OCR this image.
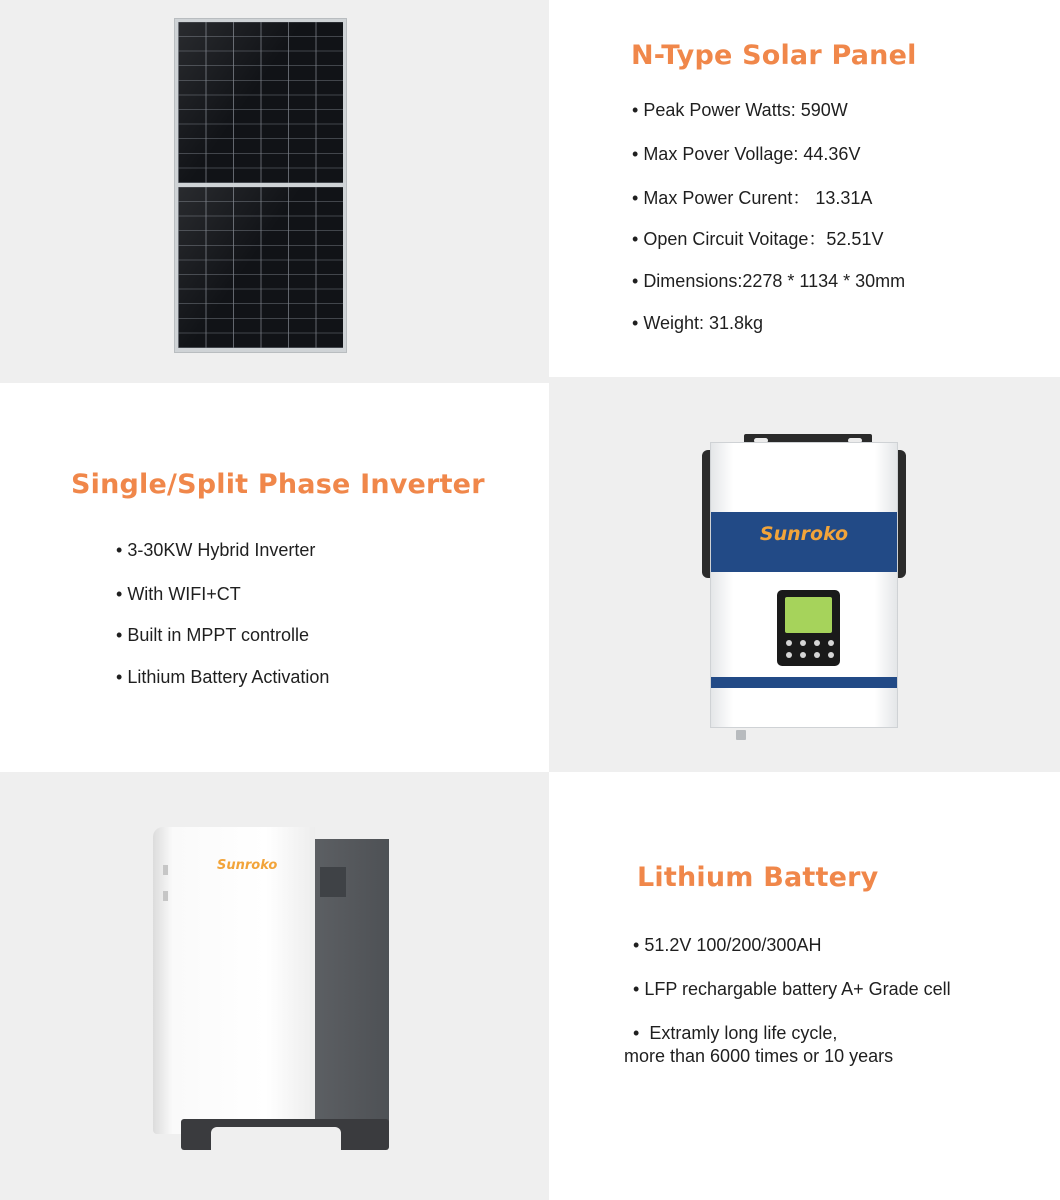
N-Type Solar Panel
• Peak Power Watts: 590W
• Max Pover Vollage: 44.36V
• Max Power Curent： 13.31A
• Open Circuit Voitage：52.51V
• Dimensions:2278 * 1134 * 30mm
• Weight: 31.8kg
Single/Split Phase Inverter
• 3-30KW Hybrid Inverter
• With WIFI+CT
• Built in MPPT controlle
• Lithium Battery Activation
Sunroko
Sunroko	Lithium Battery
• 51.2V 100/200/300AH
• LFP rechargable battery A+ Grade cell
• Extramly long life cycle,
more than 6000 times or 10 years
